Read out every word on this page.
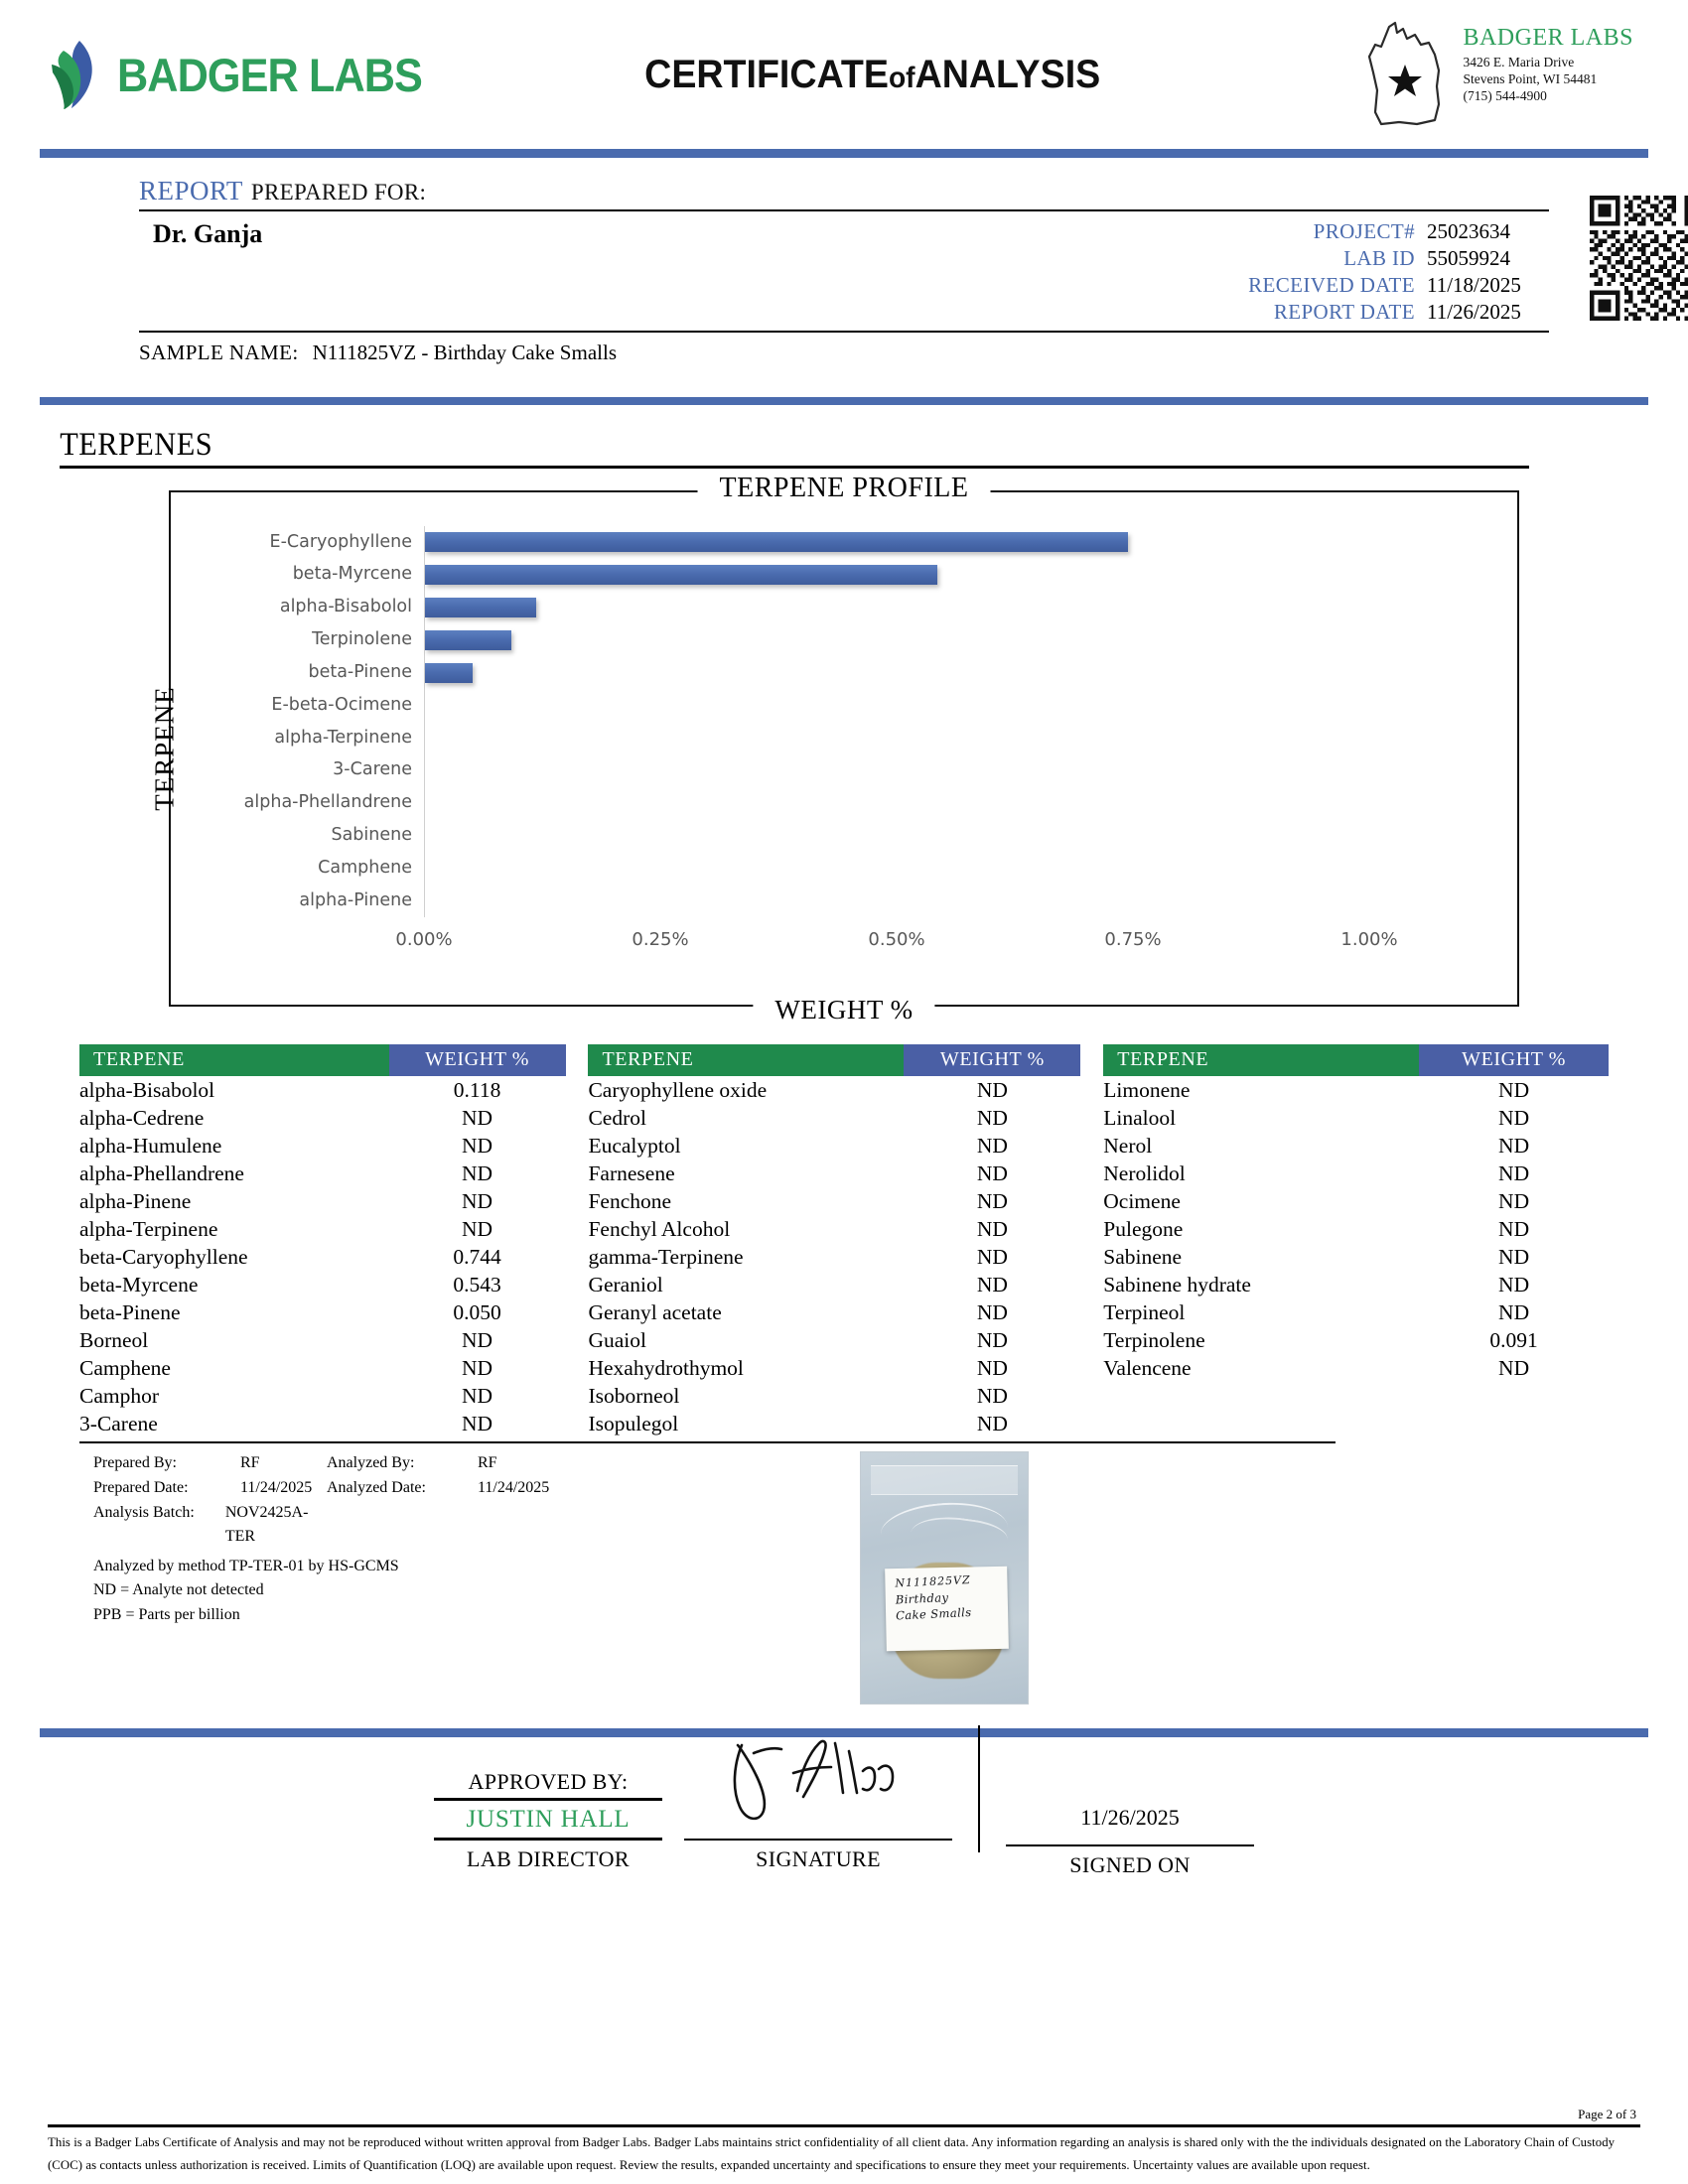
BADGER LABS	CERTIFICATEofANALYSIS
BADGER LABS
3426 E. Maria Drive
Stevens Point, WI 54481
(715) 544-4900
REPORT PREPARED FOR:
Dr. Ganja	PROJECT# 25023634
LAB ID 55059924
RECEIVED DATE 11/18/2025
REPORT DATE 11/26/2025
SAMPLE NAME: N111825VZ - Birthday Cake Smalls
TERPENES
TERPENE PROFILE
TERPENE
WEIGHT %
E-Caryophyllene
beta-Myrcene
alpha-Bisabolol
Terpinolene
beta-Pinene
E-beta-Ocimene
alpha-Terpinene
3-Carene
alpha-Phellandrene
Sabinene
Camphene
alpha-Pinene
0.00%	0.25%	0.50%	0.75%	1.00%
TERPENE	WEIGHT %		TERPENE	WEIGHT %		TERPENE	WEIGHT %
alpha-Bisabolol	0.118		Caryophyllene oxide	ND		Limonene	ND
alpha-Cedrene	ND		Cedrol	ND		Linalool	ND
alpha-Humulene	ND		Eucalyptol	ND		Nerol	ND
alpha-Phellandrene	ND		Farnesene	ND		Nerolidol	ND
alpha-Pinene	ND		Fenchone	ND		Ocimene	ND
alpha-Terpinene	ND		Fenchyl Alcohol	ND		Pulegone	ND
beta-Caryophyllene	0.744		gamma-Terpinene	ND		Sabinene	ND
beta-Myrcene	0.543		Geraniol	ND		Sabinene hydrate	ND
beta-Pinene	0.050		Geranyl acetate	ND		Terpineol	ND
Borneol	ND		Guaiol	ND		Terpinolene	0.091
Camphene	ND		Hexahydrothymol	ND		Valencene	ND
Camphor	ND		Isoborneol	ND			
3-Carene	ND		Isopulegol	ND			
Prepared By:	RF	Analyzed By:	RF
Prepared Date:	11/24/2025 Analyzed Date:	11/24/2025
Analysis Batch:	NOV2425A-TER
Analyzed by method TP-TER-01 by HS-GCMS
ND = Analyte not detected
PPB = Parts per billion
N111825VZ
Birthday
Cake Smalls
APPROVED BY:
JUSTIN HALL
LAB DIRECTOR	SIGNATURE
11/26/2025
SIGNED ON
Page 2 of 3
This is a Badger Labs Certificate of Analysis and may not be reproduced without written approval from Badger Labs. Badger Labs maintains strict confidentiality of all client data. Any information regarding an analysis is shared only with the the individuals designated on the Laboratory Chain of Custody (COC) as contacts unless authorization is received. Limits of Quantification (LOQ) are available upon request. Review the results, expanded uncertainty and specifications to ensure they meet your requirements. Uncertainty values are available upon request.
